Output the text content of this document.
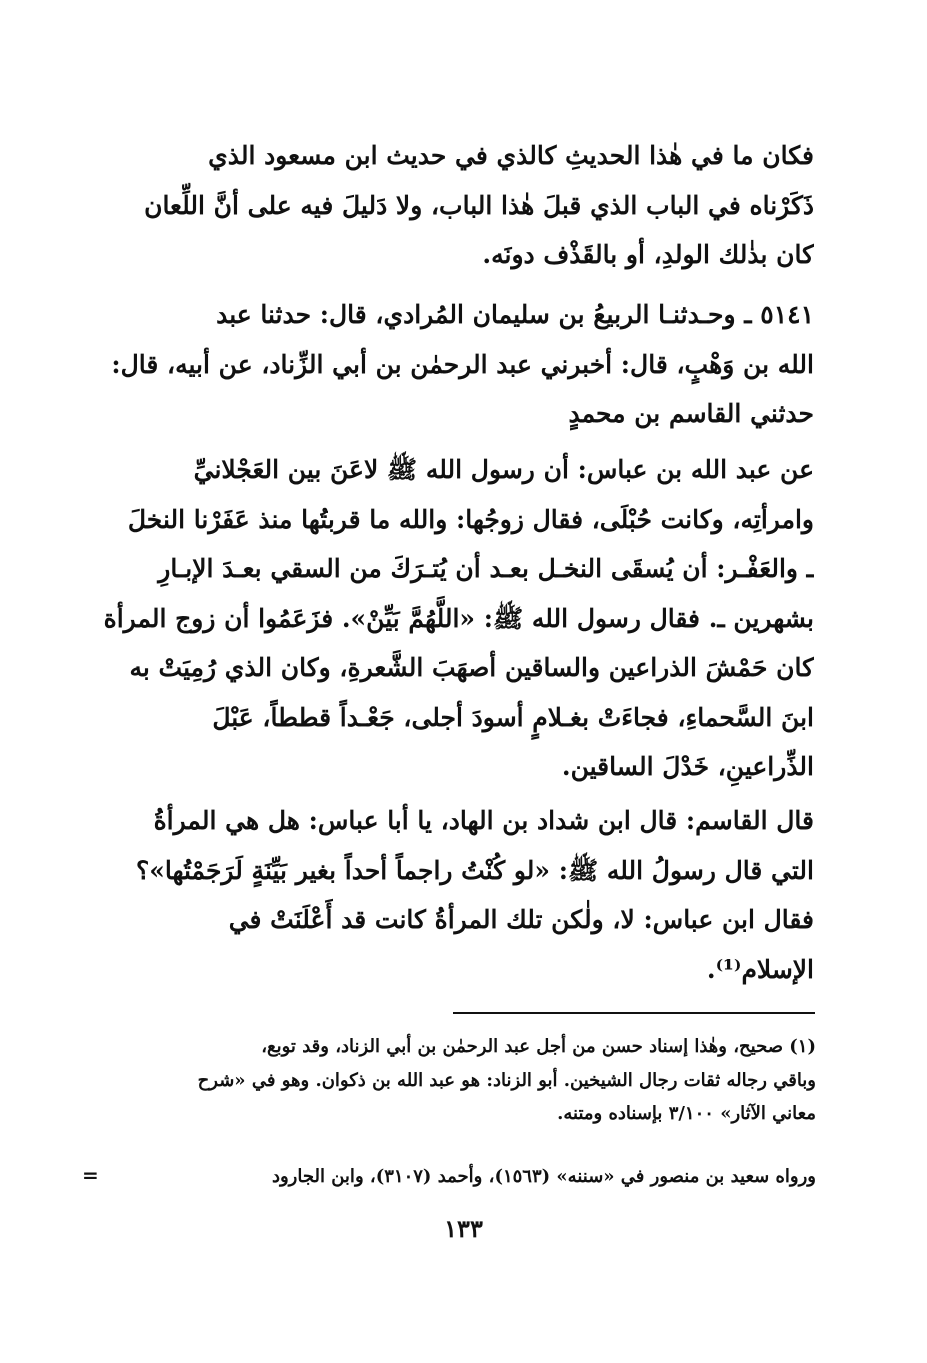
فكان ما في هٰذا الحديثِ كالذي في حديث ابن مسعود الذي
ذَكَرْناه في الباب الذي قبلَ هٰذا الباب، ولا دَليلَ فيه على أنَّ اللِّعان
كان بذٰلك الولدِ، أو بالقَذْف دونَه.
٥١٤١ ـ وحـدثنـا الربيعُ بن سليمان المُرادي، قال: حدثنا عبد
الله بن وَهْبٍ، قال: أخبرني عبد الرحمٰن بن أبي الزِّناد، عن أبيه، قال:
حدثني القاسم بن محمدٍ
عن عبد الله بن عباس: أن رسول الله ﷺ لاعَنَ بين العَجْلانيِّ
وامرأتِه، وكانت حُبْلَى، فقال زوجُها: والله ما قربتُها منذ عَفَرْنا النخلَ
ـ والعَفْـر: أن يُسقَى النخـل بعـد أن يُتـرَكَ من السقي بعـدَ الإبـارِ
بشهرين ـ. فقال رسول الله ﷺ: «اللَّهُمَّ بَيِّنْ». فزَعَمُوا أن زوج المرأة
كان حَمْشَ الذراعين والساقين أصهَبَ الشَّعرةِ، وكان الذي رُمِيَتْ به
ابنَ السَّحماءِ، فجاءَتْ بغـلامٍ أسودَ أجلى، جَعْـداً قططاً، عَبْلَ
الذِّراعينِ، خَدْلَ الساقين.
قال القاسم: قال ابن شداد بن الهاد، يا أبا عباس: هل هي المرأةُ
التي قال رسولُ الله ﷺ: «لو كُنْتُ راجماً أحداً بغير بَيِّنَةٍ لَرَجَمْتُها»؟
فقال ابن عباس: لا، ولٰكن تلك المرأةُ كانت قد أَعْلَنَتْ في
الإسلام⁽¹⁾.
(١) صحيح، وهٰذا إسناد حسن من أجل عبد الرحمٰن بن أبي الزناد، وقد توبع،
وباقي رجاله ثقات رجال الشيخين. أبو الزناد: هو عبد الله بن ذكوان. وهو في «شرح
معاني الآثار» ٣/١٠٠ بإسناده ومتنه.
ورواه سعيد بن منصور في «سننه» (١٥٦٣)، وأحمد (٣١٠٧)، وابن الجارود
=
١٣٣
